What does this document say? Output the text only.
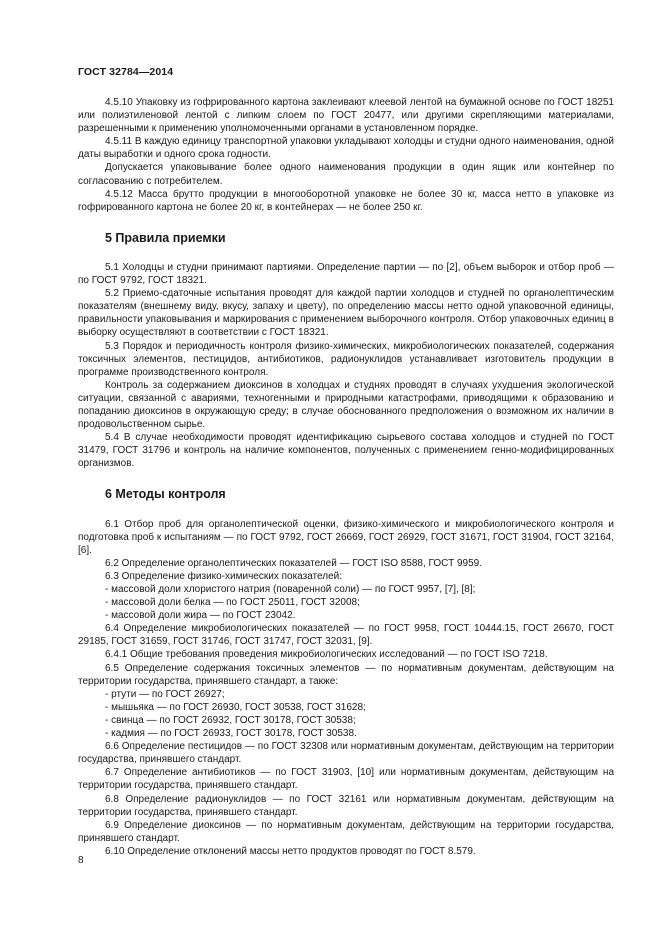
ГОСТ 32784—2014

4.5.10 Упаковку из гофрированного картона заклеивают клеевой лентой на бумажной основе по ГОСТ 18251 или полиэтиленовой лентой с липким слоем по ГОСТ 20477, или другими скрепляющими материалами, разрешенными к применению уполномоченными органами в установленном порядке.

4.5.11 В каждую единицу транспортной упаковки укладывают холодцы и студни одного наименования, одной даты выработки и одного срока годности.

Допускается упаковывание более одного наименования продукции в один ящик или контейнер по согласованию с потребителем.

4.5.12 Масса брутто продукции в многооборотной упаковке не более 30 кг, масса нетто в упаковке из гофрированного картона не более 20 кг, в контейнерах — не более 250 кг.

5 Правила приемки

5.1 Холодцы и студни принимают партиями. Определение партии — по [2], объем выборок и отбор проб — по ГОСТ 9792, ГОСТ 18321.

5.2 Приемо-сдаточные испытания проводят для каждой партии холодцов и студней по органолептическим показателям (внешнему виду, вкусу, запаху и цвету), по определению массы нетто одной упаковочной единицы, правильности упаковывания и маркирования с применением выборочного контроля. Отбор упаковочных единиц в выборку осуществляют в соответствии с ГОСТ 18321.

5.3 Порядок и периодичность контроля физико-химических, микробиологических показателей, содержания токсичных элементов, пестицидов, антибиотиков, радионуклидов устанавливает изготовитель продукции в программе производственного контроля.

Контроль за содержанием диоксинов в холодцах и студнях проводят в случаях ухудшения экологической ситуации, связанной с авариями, техногенными и природными катастрофами, приводящими к образованию и попаданию диоксинов в окружающую среду; в случае обоснованного предположения о возможном их наличии в продовольственном сырье.

5.4 В случае необходимости проводят идентификацию сырьевого состава холодцов и студней по ГОСТ 31479, ГОСТ 31796 и контроль на наличие компонентов, полученных с применением генно-модифицированных организмов.

6 Методы контроля

6.1 Отбор проб для органолептической оценки, физико-химического и микробиологического контроля и подготовка проб к испытаниям — по ГОСТ 9792, ГОСТ 26669, ГОСТ 26929, ГОСТ 31671, ГОСТ 31904, ГОСТ 32164, [6].

6.2 Определение органолептических показателей — ГОСТ ISO 8588, ГОСТ 9959.

6.3 Определение физико-химических показателей:

- массовой доли хлористого натрия (поваренной соли) — по ГОСТ 9957, [7], [8];

- массовой доли белка — по ГОСТ 25011, ГОСТ 32008;

- массовой доли жира — по ГОСТ 23042.

6.4 Определение микробиологических показателей — по ГОСТ 9958, ГОСТ 10444.15, ГОСТ 26670, ГОСТ 29185, ГОСТ 31659, ГОСТ 31746, ГОСТ 31747, ГОСТ 32031, [9].

6.4.1 Общие требования проведения микробиологических исследований — по ГОСТ ISO 7218.

6.5 Определение содержания токсичных элементов — по нормативным документам, действующим на территории государства, принявшего стандарт, а также:

- ртути — по ГОСТ 26927;

- мышьяка — по ГОСТ 26930, ГОСТ 30538, ГОСТ 31628;

- свинца — по ГОСТ 26932, ГОСТ 30178, ГОСТ 30538;

- кадмия — по ГОСТ 26933, ГОСТ 30178, ГОСТ 30538.

6.6 Определение пестицидов — по ГОСТ 32308 или нормативным документам, действующим на территории государства, принявшего стандарт.

6.7 Определение антибиотиков — по ГОСТ 31903, [10] или нормативным документам, действующим на территории государства, принявшего стандарт.

6.8 Определение радионуклидов — по ГОСТ 32161 или нормативным документам, действующим на территории государства, принявшего стандарт.

6.9 Определение диоксинов — по нормативным документам, действующим на территории государства, принявшего стандарт.

6.10 Определение отклонений массы нетто продуктов проводят по ГОСТ 8.579.

8
